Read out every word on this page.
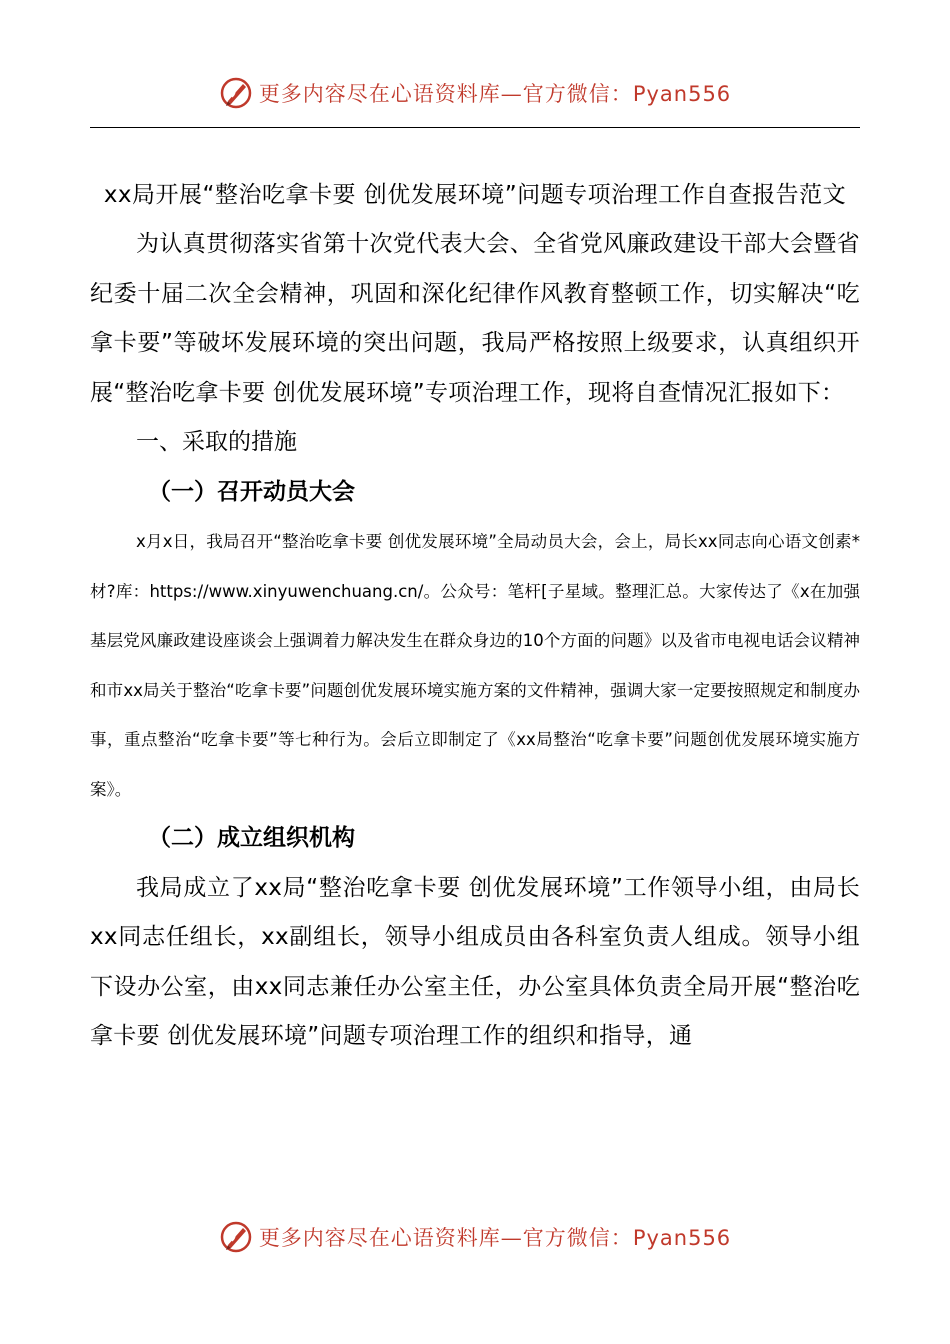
更多内容尽在心语资料库—官方微信：Pyan556
xx局开展“整治吃拿卡要 创优发展环境”问题专项治理工作自查报告范文

为认真贯彻落实省第十次党代表大会、全省党风廉政建设干部大会暨省纪委十届二次全会精神，巩固和深化纪律作风教育整顿工作，切实解决“吃拿卡要”等破坏发展环境的突出问题，我局严格按照上级要求，认真组织开展“整治吃拿卡要 创优发展环境”专项治理工作，现将自查情况汇报如下：

一、采取的措施

（一）召开动员大会

x月x日，我局召开“整治吃拿卡要 创优发展环境”全局动员大会，会上，局长xx同志向心语文创素*材?库：https://www.xinyuwenchuang.cn/。公众号：笔杆[子星域。整理汇总。大家传达了《x在加强基层党风廉政建设座谈会上强调着力解决发生在群众身边的10个方面的问题》以及省市电视电话会议精神和市xx局关于整治“吃拿卡要”问题创优发展环境实施方案的文件精神，强调大家一定要按照规定和制度办事，重点整治“吃拿卡要”等七种行为。会后立即制定了《xx局整治“吃拿卡要”问题创优发展环境实施方案》。

（二）成立组织机构

我局成立了xx局“整治吃拿卡要 创优发展环境”工作领导小组，由局长xx同志任组长，xx副组长，领导小组成员由各科室负责人组成。领导小组下设办公室，由xx同志兼任办公室主任，办公室具体负责全局开展“整治吃拿卡要 创优发展环境”问题专项治理工作的组织和指导，通

更多内容尽在心语资料库—官方微信：Pyan556
